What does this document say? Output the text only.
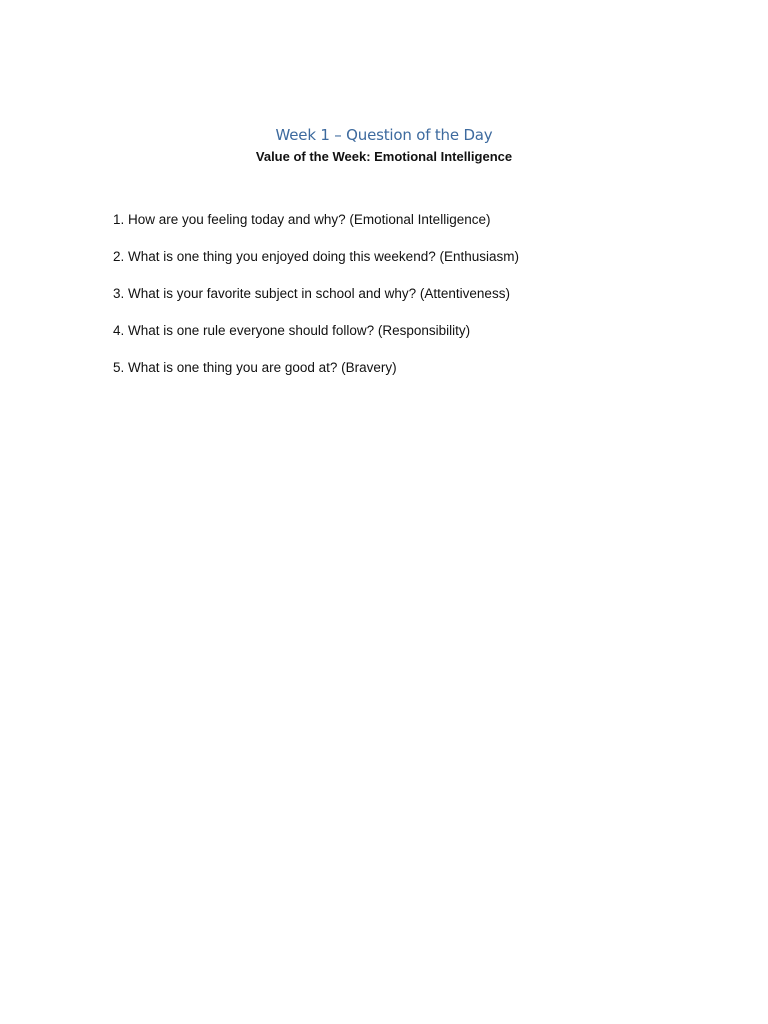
Week 1 – Question of the Day
Value of the Week: Emotional Intelligence
1. How are you feeling today and why? (Emotional Intelligence)
2. What is one thing you enjoyed doing this weekend? (Enthusiasm)
3. What is your favorite subject in school and why? (Attentiveness)
4. What is one rule everyone should follow? (Responsibility)
5. What is one thing you are good at? (Bravery)
